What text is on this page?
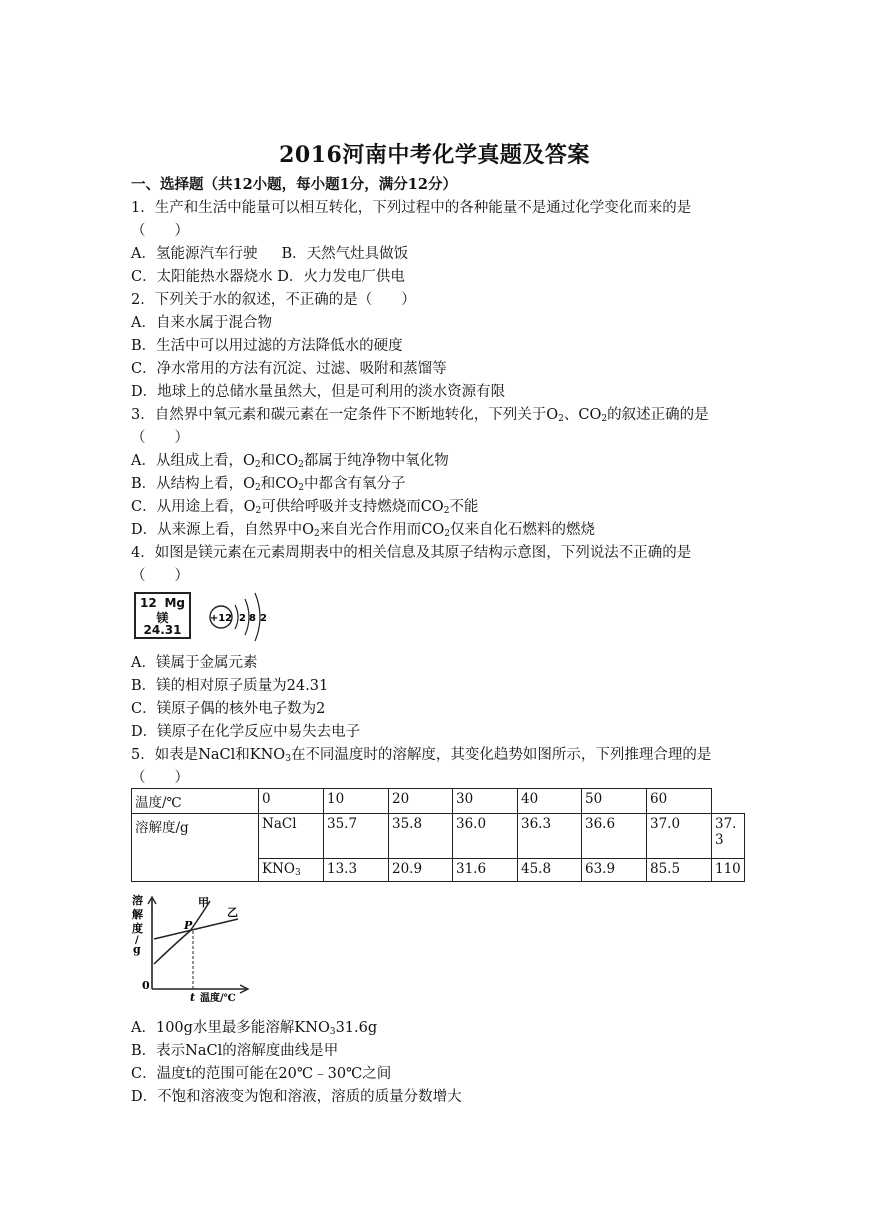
2016河南中考化学真题及答案
一、选择题（共12小题，每小题1分，满分12分）
1．生产和生活中能量可以相互转化，下列过程中的各种能量不是通过化学变化而来的是
（　　）
A．氢能源汽车行驶 B．天然气灶具做饭
C．太阳能热水器烧水 D．火力发电厂供电
2．下列关于水的叙述，不正确的是（　　）
A．自来水属于混合物
B．生活中可以用过滤的方法降低水的硬度
C．净水常用的方法有沉淀、过滤、吸附和蒸馏等
D．地球上的总储水量虽然大，但是可利用的淡水资源有限
3．自然界中氧元素和碳元素在一定条件下不断地转化，下列关于$O_2$、$CO_2$的叙述正确的是
（　　）
A．从组成上看，$O_2$和$CO_2$都属于纯净物中氧化物
B．从结构上看，$O_2$和$CO_2$中都含有氧分子
C．从用途上看，$O_2$可供给呼吸并支持燃烧而$CO_2$不能
D．从来源上看，自然界中$O_2$来自光合作用而$CO_2$仅来自化石燃料的燃烧
4．如图是镁元素在元素周期表中的相关信息及其原子结构示意图，下列说法不正确的是
（　　）
12 Mg
镁
24.31
+12 2 8 2
A．镁属于金属元素
B．镁的相对原子质量为24.31
C．镁原子偶的核外电子数为2
D．镁原子在化学反应中易失去电子
5．如表是NaCl和$KNO_3$在不同温度时的溶解度，其变化趋势如图所示，下列推理合理的是
（　　）
温度/℃	0	10	20	30	40	50	60	
溶解度/g	NaCl	35.7	35.8	36.0	36.3	36.6	37.0	37.3
	$KNO_3$	13.3	20.9	31.6	45.8	63.9	85.5	110
溶
解
度
/
g
甲
乙
P
0
t 温度/℃
A．100g水里最多能溶解$KNO_331.6g$
B．表示NaCl的溶解度曲线是甲
C．温度t的范围可能在20℃﹣30℃之间
D．不饱和溶液变为饱和溶液，溶质的质量分数增大
